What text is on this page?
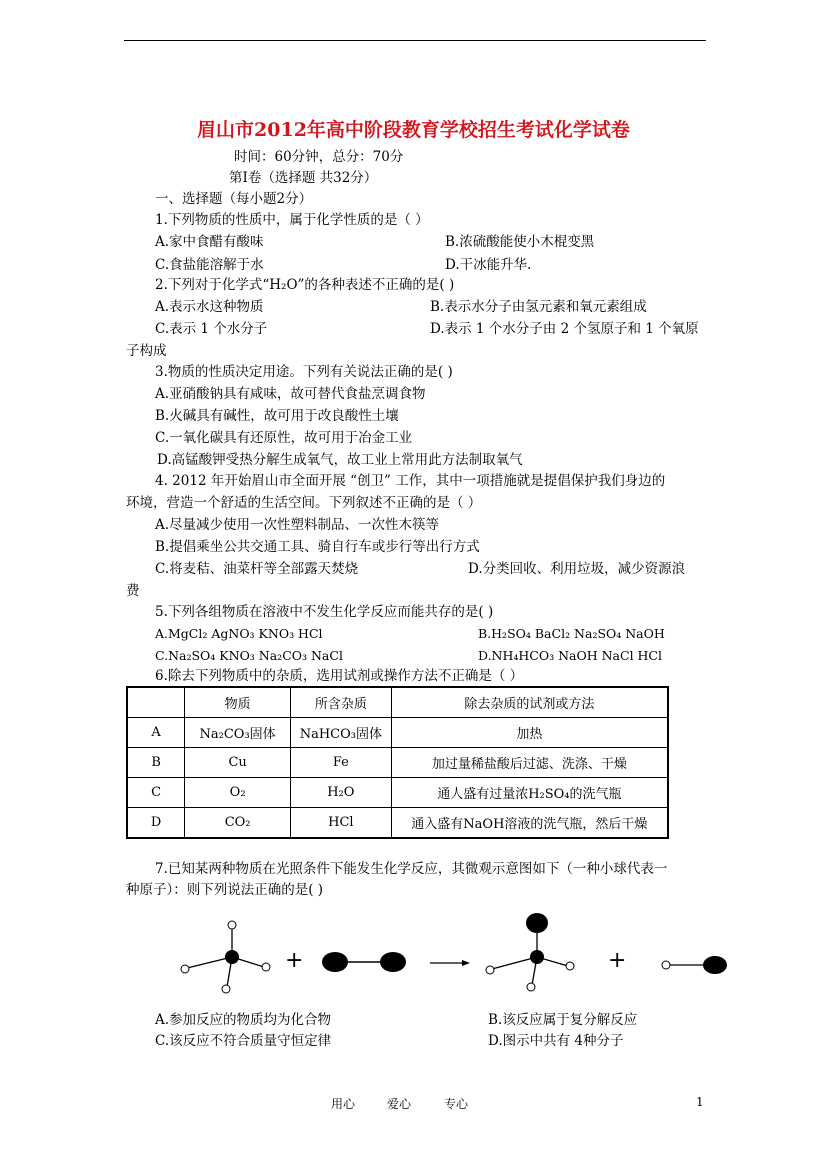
眉山市2012年高中阶段教育学校招生考试化学试卷
时间：60分钟，总分：70分
第Ⅰ卷（选择题 共32分）
一、选择题（每小题2分）
1.下列物质的性质中，属于化学性质的是（ ）
A.家中食醋有酸味	B.浓硫酸能使小木棍变黑
C.食盐能溶解于水	D.干冰能升华.
2.下列对于化学式“H₂O”的各种表述不正确的是( )
A.表示水这种物质	B.表示水分子由氢元素和氧元素组成
C.表示 1 个水分子	D.表示 1 个水分子由 2 个氢原子和 1 个氧原
子构成
3.物质的性质决定用途。下列有关说法正确的是( )
A.亚硝酸钠具有咸味，故可替代食盐烹调食物
B.火碱具有碱性，故可用于改良酸性土壤
C.一氧化碳具有还原性，故可用于冶金工业
D.高锰酸钾受热分解生成氧气，故工业上常用此方法制取氧气
4. 2012 年开始眉山市全面开展 “创卫” 工作，其中一项措施就是提倡保护我们身边的
环境，营造一个舒适的生活空间。下列叙述不正确的是（ ）
A.尽量减少使用一次性塑料制品、一次性木筷等
B.提倡乘坐公共交通工具、骑自行车或步行等出行方式
C.将麦秸、油菜杆等全部露天焚烧	D.分类回收、利用垃圾，减少资源浪
费
5.下列各组物质在溶液中不发生化学反应而能共存的是( )
A.MgCl₂ AgNO₃ KNO₃ HCl	B.H₂SO₄ BaCl₂ Na₂SO₄ NaOH
C.Na₂SO₄ KNO₃ Na₂CO₃ NaCl	D.NH₄HCO₃ NaOH NaCl HCl
6.除去下列物质中的杂质，选用试剂或操作方法不正确是（ ）
	物质	所含杂质	除去杂质的试剂或方法
A	Na₂CO₃固体	NaHCO₃固体	加热
B	Cu	Fe	加过量稀盐酸后过滤、洗涤、干燥
C	O₂	H₂O	通人盛有过量浓H₂SO₄的洗气瓶
D	CO₂	HCl	通入盛有NaOH溶液的洗气瓶，然后干燥
7.已知某两种物质在光照条件下能发生化学反应，其微观示意图如下（一种小球代表一
种原子）：则下列说法正确的是( )
+	+
A.参加反应的物质均为化合物	B.该反应属于复分解反应
C.该反应不符合质量守恒定律	D.图示中共有 4种分子
用心	爱心	专心	1
